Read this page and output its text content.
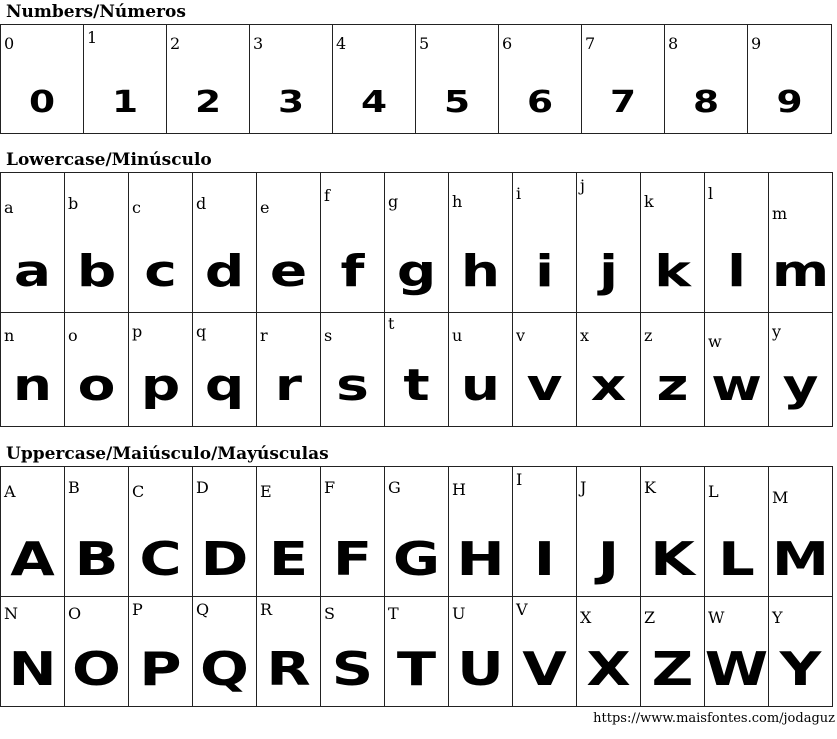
Numbers/Números
0
0
1
1
2
2
3
3
4
4
5
5
6
6
7
7
8
8
9
9
Lowercase/Minúsculo
a
a
b
b
c
c
d
d
e
e
f
f
g
g
h
h
i
i
j
j
k
k
l
l
m
m
n
n
o
o
p
p
q
q
r
r
s
s
t
t
u
u
v
v
x
x
z
z
w
w
y
y
Uppercase/Maiúsculo/Mayúsculas
A
A
B
B
C
C
D
D
E
E
F
F
G
G
H
H
I
I
J
J
K
K
L
L
M
M
N
N
O
O
P
P
Q
Q
R
R
S
S
T
T
U
U
V
V
X
X
Z
Z
W
W
Y
Y
https://www.maisfontes.com/jodaguz
